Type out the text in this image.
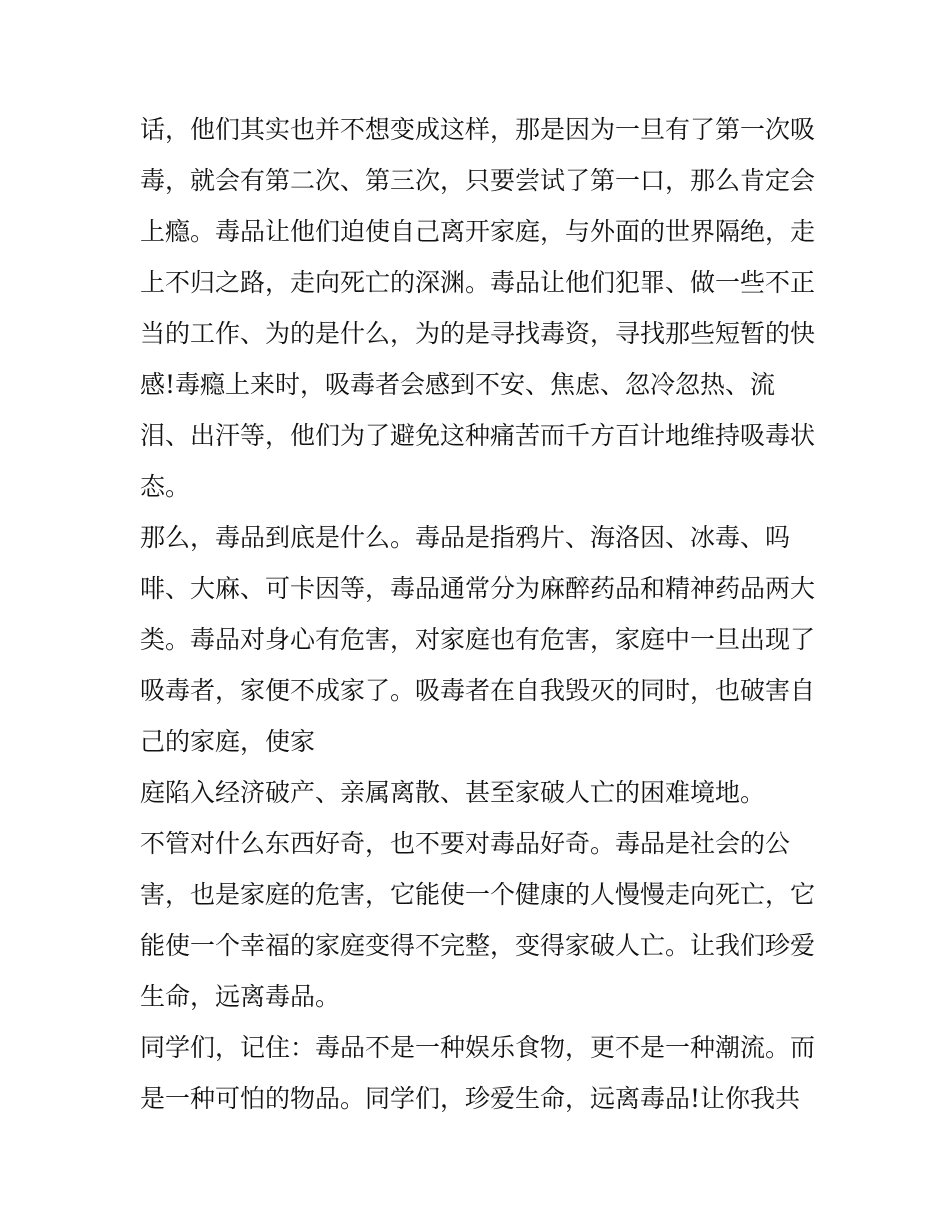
话，他们其实也并不想变成这样，那是因为一旦有了第一次吸
毒，就会有第二次、第三次，只要尝试了第一口，那么肯定会
上瘾。毒品让他们迫使自己离开家庭，与外面的世界隔绝，走
上不归之路，走向死亡的深渊。毒品让他们犯罪、做一些不正
当的工作、为的是什么，为的是寻找毒资，寻找那些短暂的快
感!毒瘾上来时，吸毒者会感到不安、焦虑、忽冷忽热、流
泪、出汗等，他们为了避免这种痛苦而千方百计地维持吸毒状
态。
那么，毒品到底是什么。毒品是指鸦片、海洛因、冰毒、吗
啡、大麻、可卡因等，毒品通常分为麻醉药品和精神药品两大
类。毒品对身心有危害，对家庭也有危害，家庭中一旦出现了
吸毒者，家便不成家了。吸毒者在自我毁灭的同时，也破害自
己的家庭，使家
庭陷入经济破产、亲属离散、甚至家破人亡的困难境地。
不管对什么东西好奇，也不要对毒品好奇。毒品是社会的公
害，也是家庭的危害，它能使一个健康的人慢慢走向死亡，它
能使一个幸福的家庭变得不完整，变得家破人亡。让我们珍爱
生命，远离毒品。
同学们，记住：毒品不是一种娱乐食物，更不是一种潮流。而
是一种可怕的物品。同学们，珍爱生命，远离毒品!让你我共
